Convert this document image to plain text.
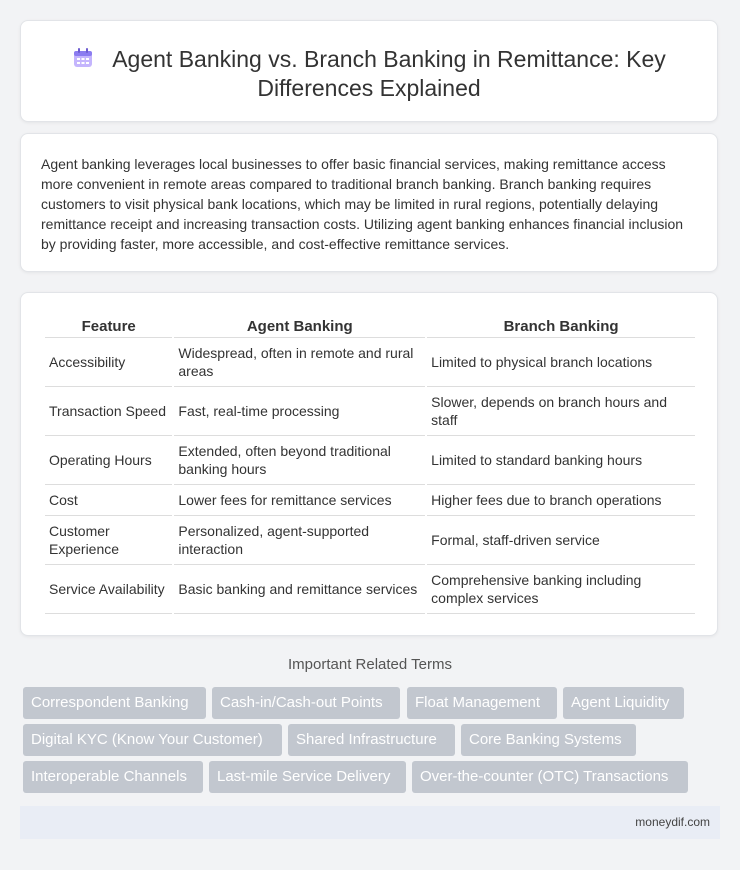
Agent Banking vs. Branch Banking in Remittance: Key Differences Explained

Agent banking leverages local businesses to offer basic financial services, making remittance access more convenient in remote areas compared to traditional branch banking. Branch banking requires customers to visit physical bank locations, which may be limited in rural regions, potentially delaying remittance receipt and increasing transaction costs. Utilizing agent banking enhances financial inclusion by providing faster, more accessible, and cost-effective remittance services.

Feature	Agent Banking	Branch Banking
Accessibility	Widespread, often in remote and rural areas	Limited to physical branch locations
Transaction Speed	Fast, real-time processing	Slower, depends on branch hours and staff
Operating Hours	Extended, often beyond traditional banking hours	Limited to standard banking hours
Cost	Lower fees for remittance services	Higher fees due to branch operations
Customer Experience	Personalized, agent-supported interaction	Formal, staff-driven service
Service Availability	Basic banking and remittance services	Comprehensive banking including complex services
Important Related Terms
Correspondent Banking	Cash-in/Cash-out Points	Float Management	Agent Liquidity
Digital KYC (Know Your Customer)	Shared Infrastructure	Core Banking Systems
Interoperable Channels	Last-mile Service Delivery	Over-the-counter (OTC) Transactions
moneydif.com
